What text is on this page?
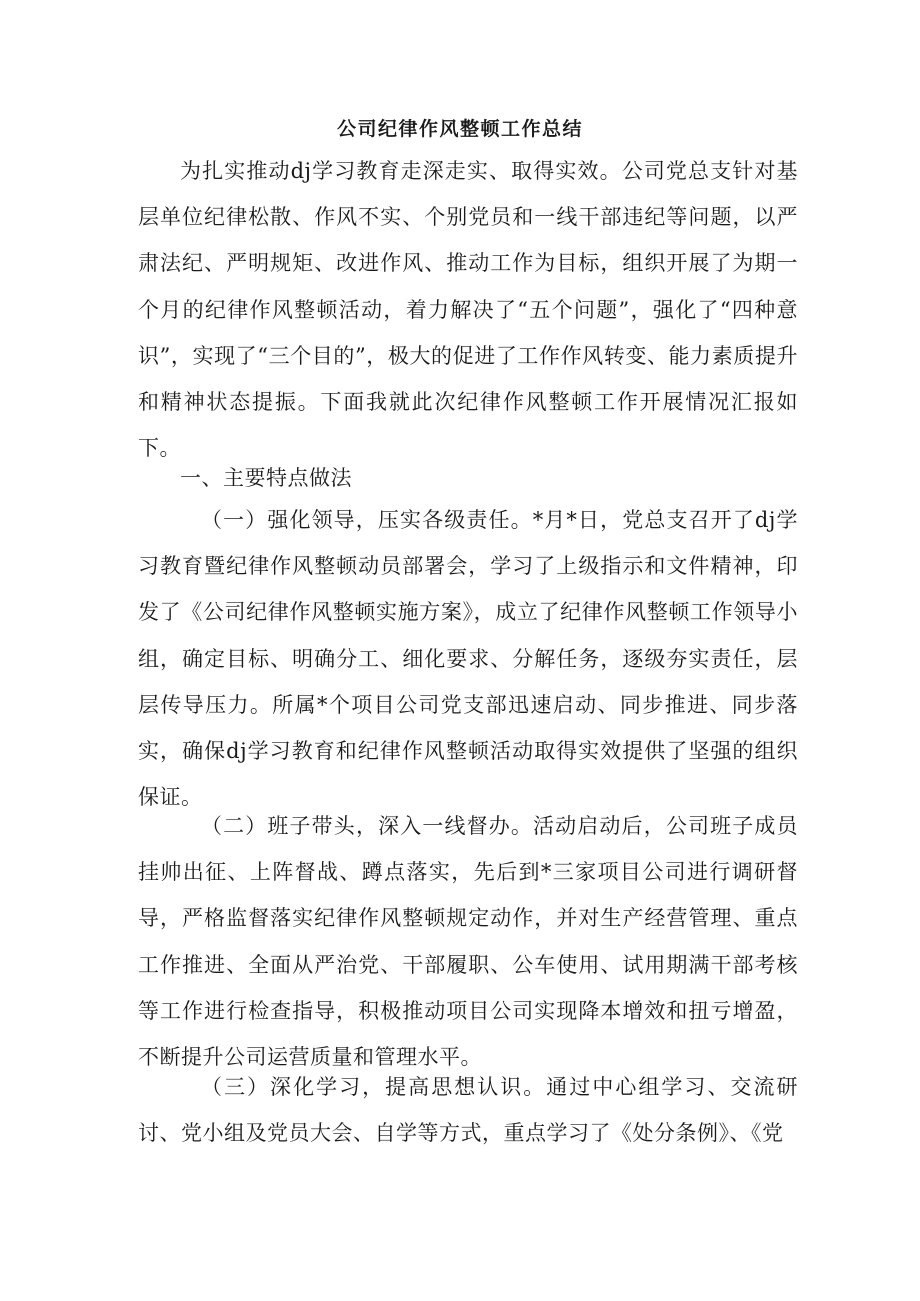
公司纪律作风整顿工作总结

为扎实推动dj学习教育走深走实、取得实效。公司党总支针对基层单位纪律松散、作风不实、个别党员和一线干部违纪等问题，以严肃法纪、严明规矩、改进作风、推动工作为目标，组织开展了为期一个月的纪律作风整顿活动，着力解决了“五个问题”，强化了“四种意识”，实现了“三个目的”，极大的促进了工作作风转变、能力素质提升和精神状态提振。下面我就此次纪律作风整顿工作开展情况汇报如下。

一、主要特点做法

（一）强化领导，压实各级责任。*月*日，党总支召开了dj学习教育暨纪律作风整顿动员部署会，学习了上级指示和文件精神，印发了《公司纪律作风整顿实施方案》，成立了纪律作风整顿工作领导小组，确定目标、明确分工、细化要求、分解任务，逐级夯实责任，层层传导压力。所属*个项目公司党支部迅速启动、同步推进、同步落实，确保dj学习教育和纪律作风整顿活动取得实效提供了坚强的组织保证。

（二）班子带头，深入一线督办。活动启动后，公司班子成员挂帅出征、上阵督战、蹲点落实，先后到*三家项目公司进行调研督导，严格监督落实纪律作风整顿规定动作，并对生产经营管理、重点工作推进、全面从严治党、干部履职、公车使用、试用期满干部考核等工作进行检查指导，积极推动项目公司实现降本增效和扭亏增盈，不断提升公司运营质量和管理水平。

（三）深化学习，提高思想认识。通过中心组学习、交流研讨、党小组及党员大会、自学等方式，重点学习了《处分条例》、《党
